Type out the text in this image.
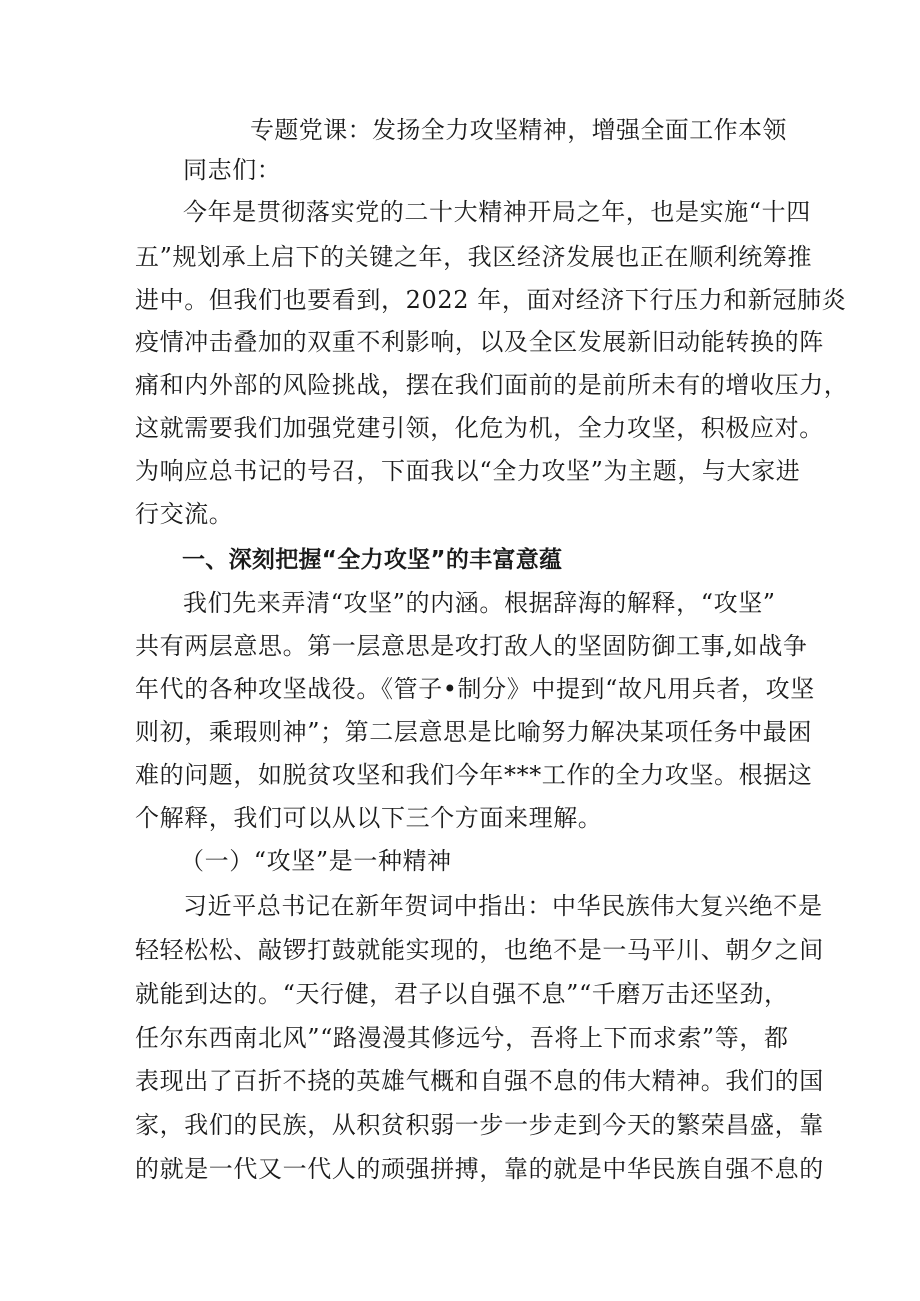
专题党课：发扬全力攻坚精神，增强全面工作本领
同志们：
今年是贯彻落实党的二十大精神开局之年，也是实施“十四
五”规划承上启下的关键之年，我区经济发展也正在顺利统筹推
进中。但我们也要看到，2022 年，面对经济下行压力和新冠肺炎
疫情冲击叠加的双重不利影响，以及全区发展新旧动能转换的阵
痛和内外部的风险挑战，摆在我们面前的是前所未有的增收压力，
这就需要我们加强党建引领，化危为机，全力攻坚，积极应对。
为响应总书记的号召，下面我以“全力攻坚”为主题，与大家进
行交流。
一、深刻把握“全力攻坚”的丰富意蕴
我们先来弄清“攻坚”的内涵。根据辞海的解释，“攻坚”
共有两层意思。第一层意思是攻打敌人的坚固防御工事,如战争
年代的各种攻坚战役。《管子•制分》中提到“故凡用兵者，攻坚
则初，乘瑕则神”；第二层意思是比喻努力解决某项任务中最困
难的问题，如脱贫攻坚和我们今年***工作的全力攻坚。根据这
个解释，我们可以从以下三个方面来理解。
（一）“攻坚”是一种精神
习近平总书记在新年贺词中指出：中华民族伟大复兴绝不是
轻轻松松、敲锣打鼓就能实现的，也绝不是一马平川、朝夕之间
就能到达的。“天行健，君子以自强不息”“千磨万击还坚劲，
任尔东西南北风”“路漫漫其修远兮，吾将上下而求索”等，都
表现出了百折不挠的英雄气概和自强不息的伟大精神。我们的国
家，我们的民族，从积贫积弱一步一步走到今天的繁荣昌盛，靠
的就是一代又一代人的顽强拼搏，靠的就是中华民族自强不息的
